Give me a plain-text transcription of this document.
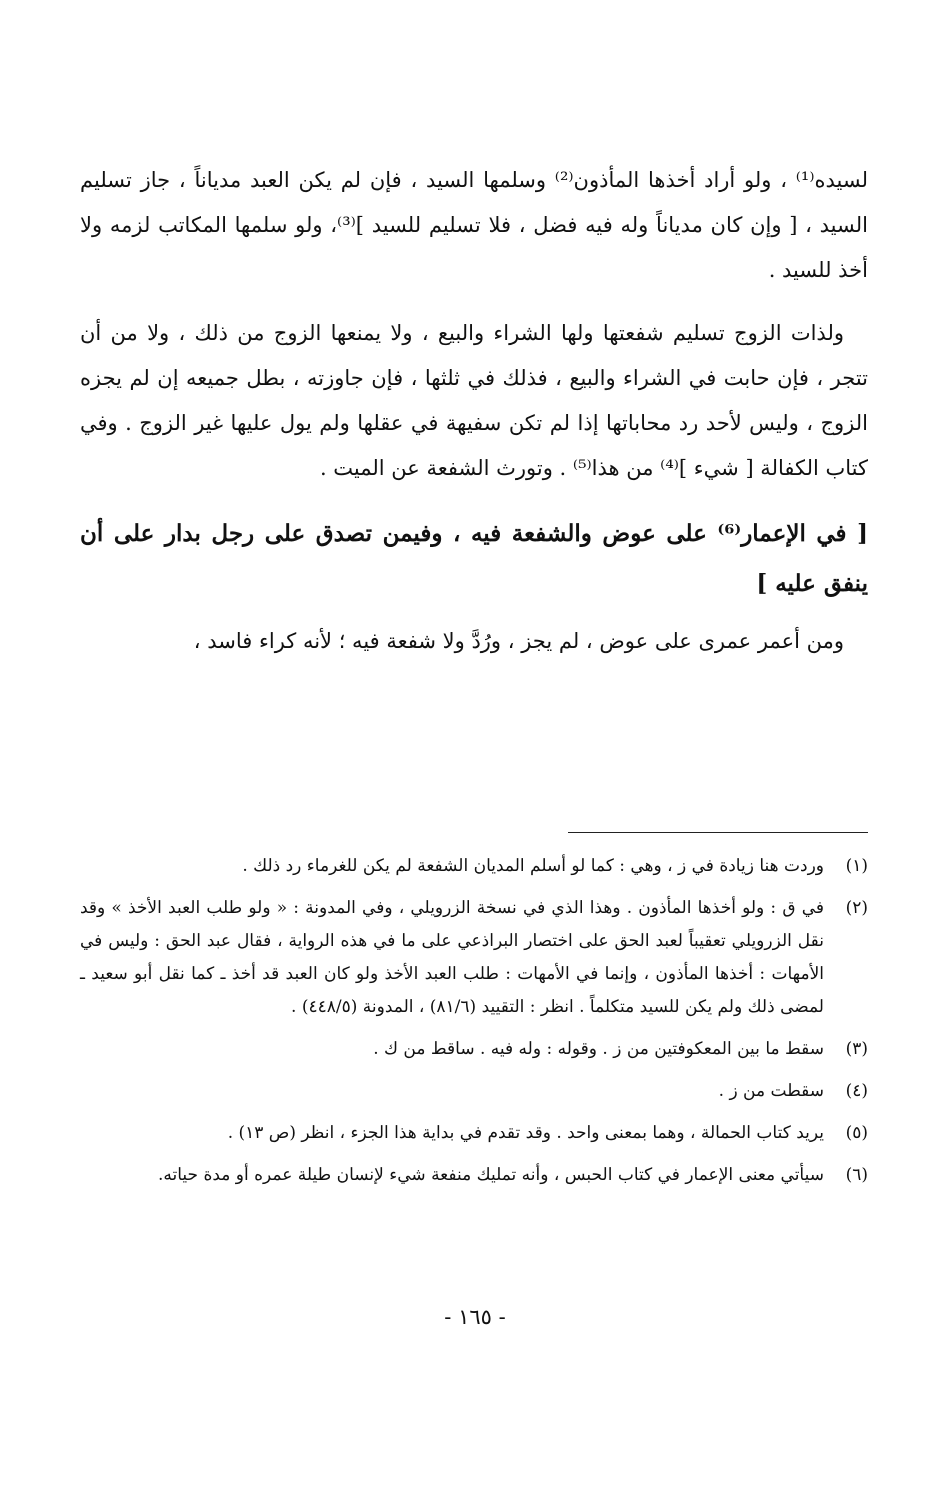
لسيده⁽¹⁾ ، ولو أراد أخذها المأذون⁽²⁾ وسلمها السيد ، فإن لم يكن العبد مدياناً ، جاز تسليم السيد ، [ وإن كان مدياناً وله فيه فضل ، فلا تسليم للسيد ]⁽³⁾، ولو سلمها المكاتب لزمه ولا أخذ للسيد .

ولذات الزوج تسليم شفعتها ولها الشراء والبيع ، ولا يمنعها الزوج من ذلك ، ولا من أن تتجر ، فإن حابت في الشراء والبيع ، فذلك في ثلثها ، فإن جاوزته ، بطل جميعه إن لم يجزه الزوج ، وليس لأحد رد محاباتها إذا لم تكن سفيهة في عقلها ولم يول عليها غير الزوج . وفي كتاب الكفالة [ شيء ]⁽⁴⁾ من هذا⁽⁵⁾ . وتورث الشفعة عن الميت .

[ في الإعمار⁽⁶⁾ على عوض والشفعة فيه ، وفيمن تصدق على رجل بدار على أن ينفق عليه ]

ومن أعمر عمرى على عوض ، لم يجز ، ورُدَّ ولا شفعة فيه ؛ لأنه كراء فاسد ،

(١)
وردت هنا زيادة في ز ، وهي : كما لو أسلم المديان الشفعة لم يكن للغرماء رد ذلك .
(٢)
في ق : ولو أخذها المأذون . وهذا الذي في نسخة الزرويلي ، وفي المدونة : « ولو طلب العبد الأخذ » وقد نقل الزرويلي تعقيباً لعبد الحق على اختصار البراذعي على ما في هذه الرواية ، فقال عبد الحق : وليس في الأمهات : أخذها المأذون ، وإنما في الأمهات : طلب العبد الأخذ ولو كان العبد قد أخذ ـ كما نقل أبو سعيد ـ لمضى ذلك ولم يكن للسيد متكلماً . انظر : التقييد (٨١/٦) ، المدونة (٤٤٨/٥) .
(٣)
سقط ما بين المعكوفتين من ز . وقوله : وله فيه . ساقط من ك .
(٤)
سقطت من ز .
(٥)
يريد كتاب الحمالة ، وهما بمعنى واحد . وقد تقدم في بداية هذا الجزء ، انظر (ص ١٣) .
(٦)
سيأتي معنى الإعمار في كتاب الحبس ، وأنه تمليك منفعة شيء لإنسان طيلة عمره أو مدة حياته.
- ١٦٥ -
